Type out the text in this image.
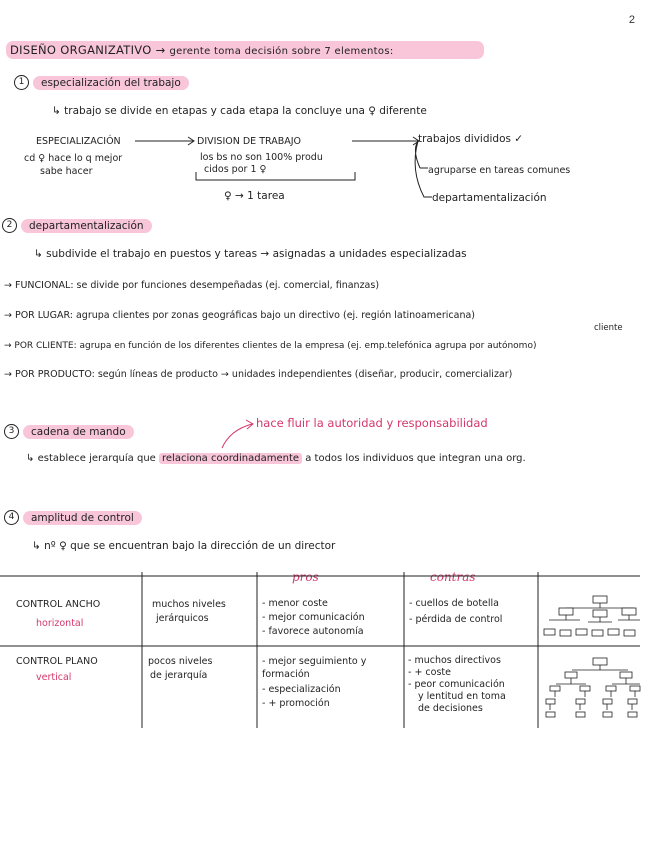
2
DISEÑO ORGANIZATIVO → gerente toma decisión sobre 7 elementos:
1 especialización del trabajo
↳ trabajo se divide en etapas y cada etapa la concluye una ♀ diferente
ESPECIALIZACIÓN
cd ♀ hace lo q mejor
sabe hacer
DIVISION DE TRABAJO
los bs no son 100% produ
cidos por 1 ♀
♀ → 1 tarea
trabajos divididos ✓
agruparse en tareas comunes
departamentalización
2 departamentalización
↳ subdivide el trabajo en puestos y tareas → asignadas a unidades especializadas
cliente
→ FUNCIONAL: se divide por funciones desempeñadas (ej. comercial, finanzas)
→ POR LUGAR: agrupa clientes por zonas geográficas bajo un directivo (ej. región latinoamericana)
→ POR CLIENTE: agrupa en función de los diferentes clientes de la empresa (ej. emp.telefónica agrupa por autónomo)
→ POR PRODUCTO: según líneas de producto → unidades independientes (diseñar, producir, comercializar)
hace fluir la autoridad y responsabilidad
3 cadena de mando
↳ establece jerarquía que relaciona coordinadamente a todos los individuos que integran una org.
4 amplitud de control
↳ nº ♀ que se encuentran bajo la dirección de un director
pros	contras
CONTROL ANCHO
horizontal
muchos niveles
jerárquicos
- menor coste
- mejor comunicación
- favorece autonomía
- cuellos de botella
- pérdida de control
CONTROL PLANO
vertical
pocos niveles
de jerarquía
- mejor seguimiento y
formación
- especialización
- + promoción
- muchos directivos
- + coste
- peor comunicación
y lentitud en toma
de decisiones
